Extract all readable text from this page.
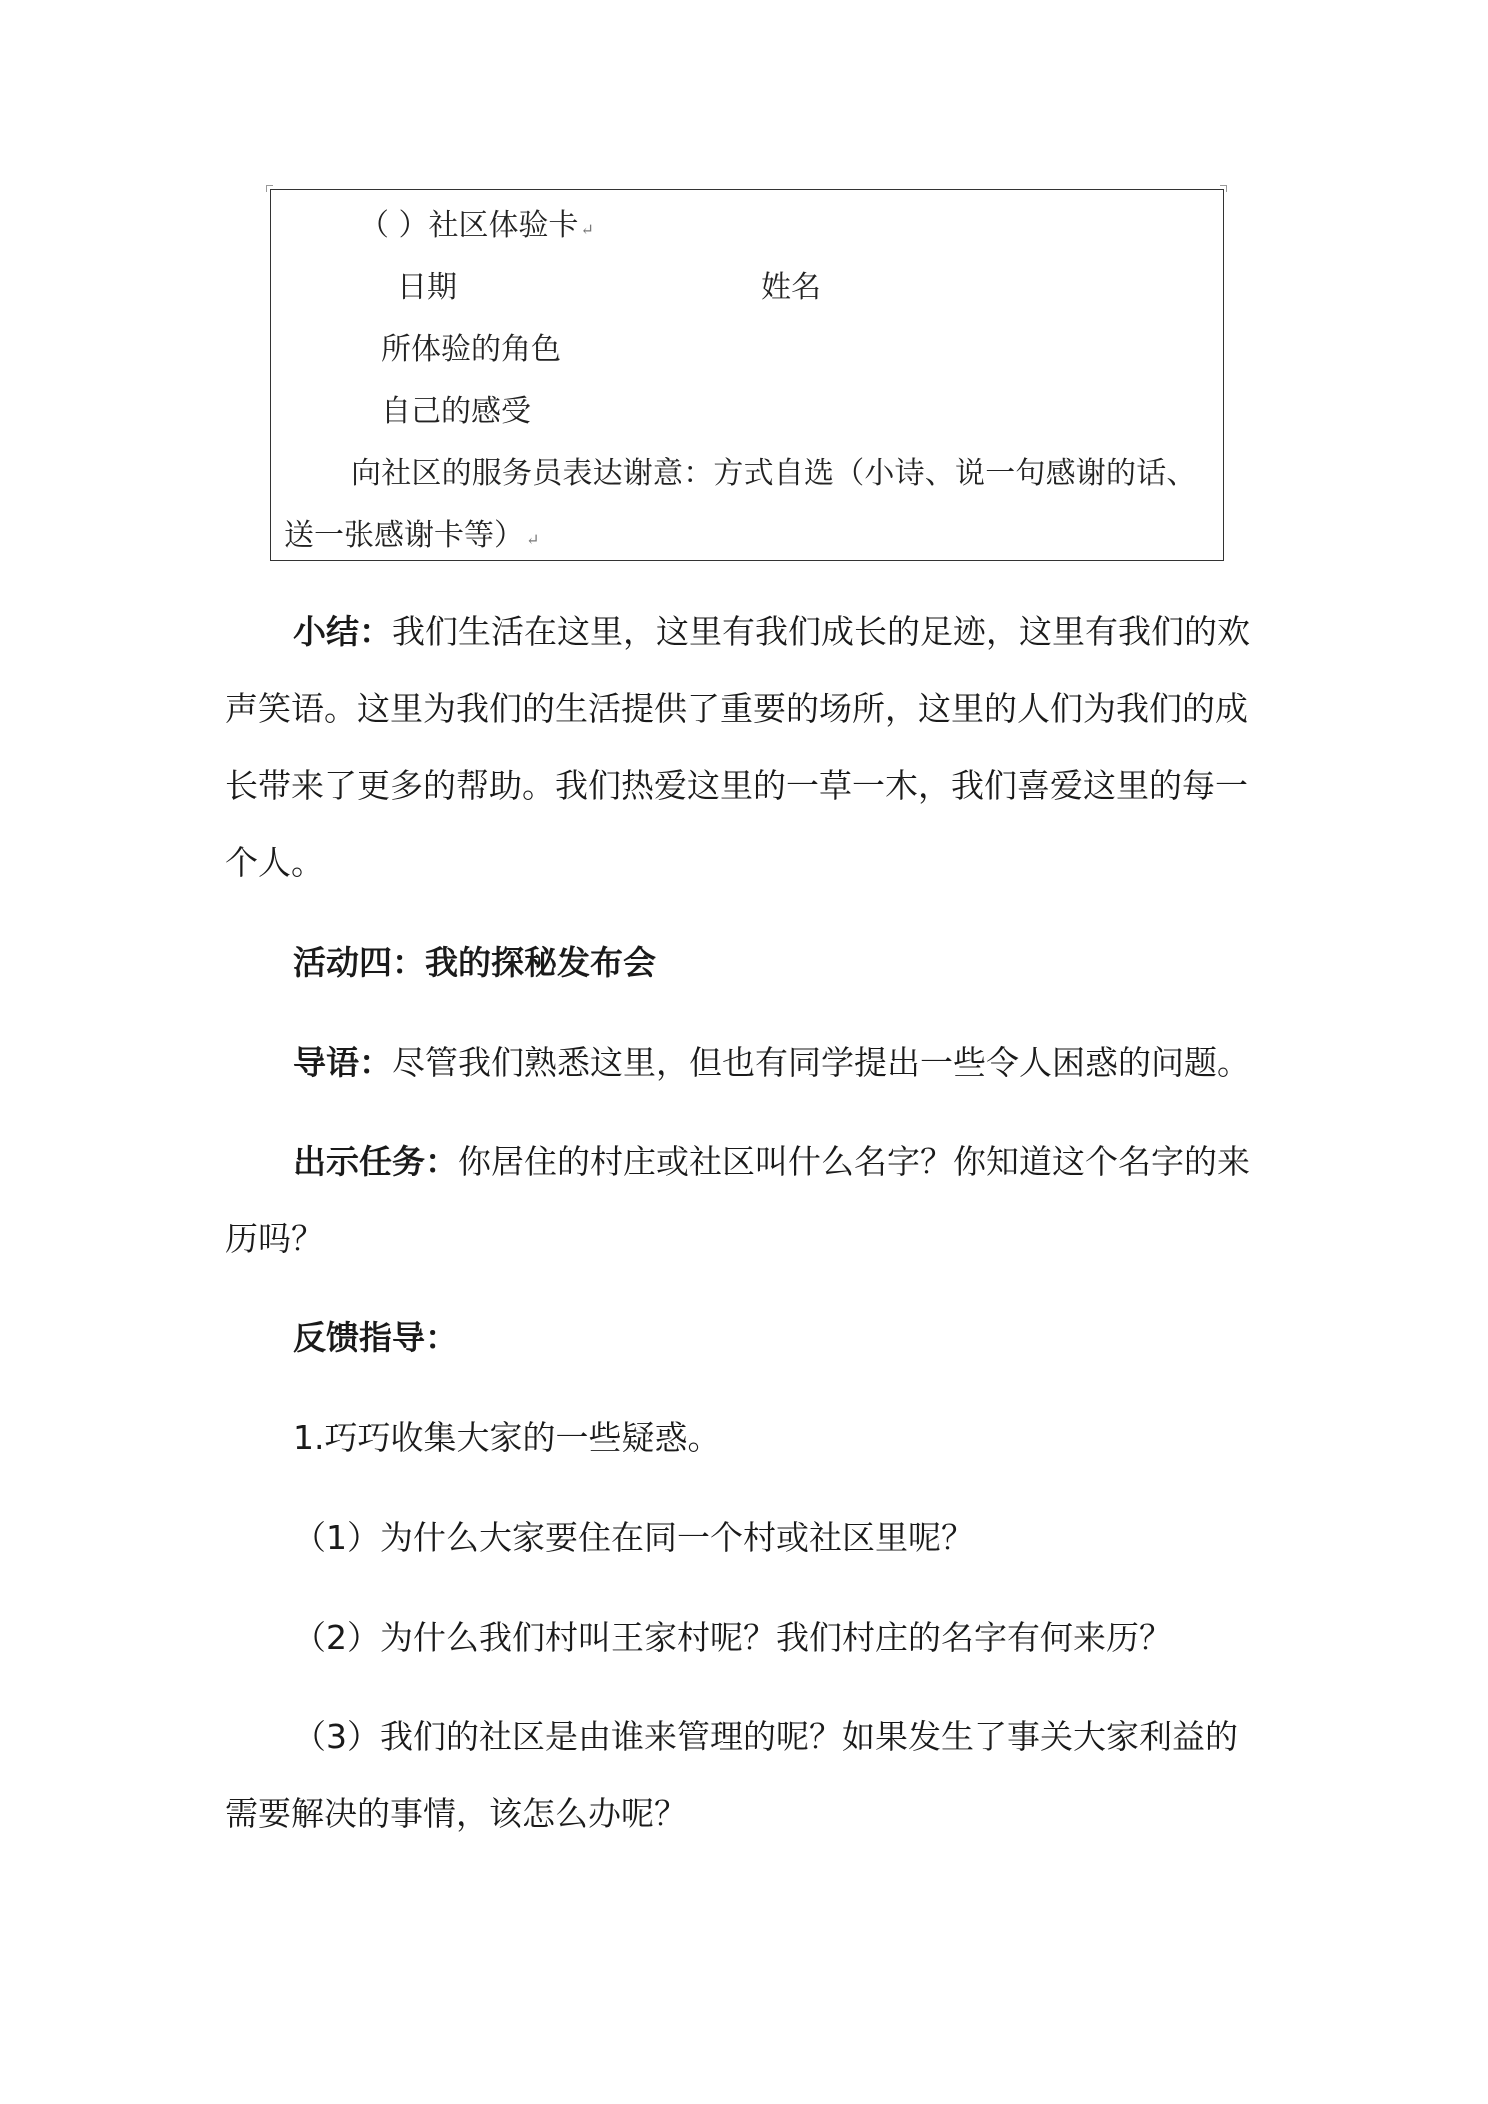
（ ）社区体验卡 ↵
日期	姓名
所体验的角色
自己的感受
向社区的服务员表达谢意：方式自选（小诗、说一句感谢的话、
送一张感谢卡等） ↵
小结：我们生活在这里，这里有我们成长的足迹，这里有我们的欢
声笑语。这里为我们的生活提供了重要的场所，这里的人们为我们的成
长带来了更多的帮助。我们热爱这里的一草一木，我们喜爱这里的每一
个人。
活动四：我的探秘发布会
导语：尽管我们熟悉这里，但也有同学提出一些令人困惑的问题。
出示任务：你居住的村庄或社区叫什么名字？你知道这个名字的来
历吗？
反馈指导：
1.巧巧收集大家的一些疑惑。
（1）为什么大家要住在同一个村或社区里呢？
（2）为什么我们村叫王家村呢？我们村庄的名字有何来历？
（3）我们的社区是由谁来管理的呢？如果发生了事关大家利益的
需要解决的事情，该怎么办呢？
